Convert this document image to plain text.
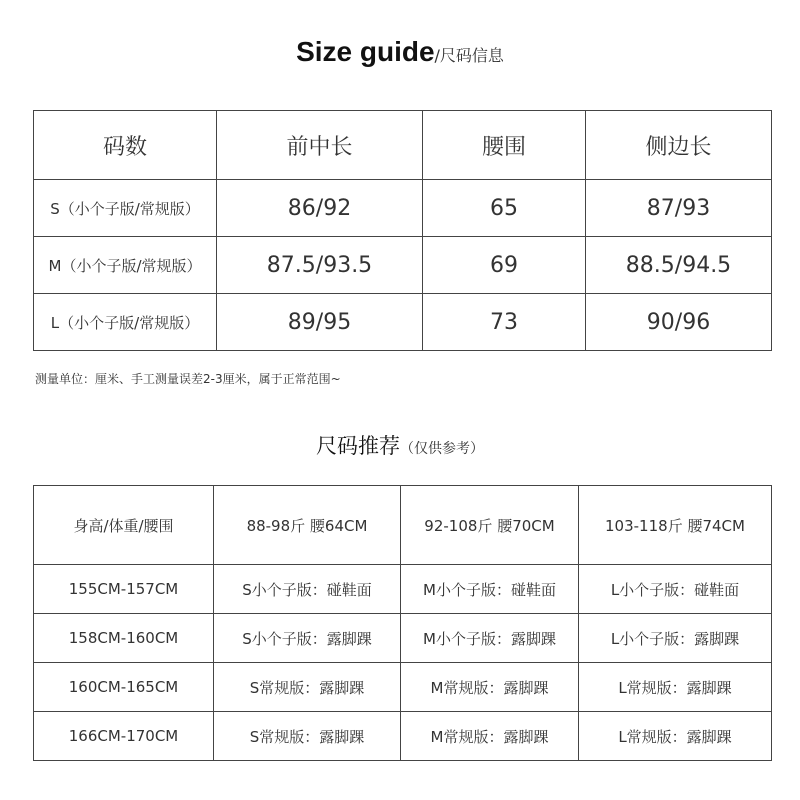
Size guide/尺码信息
码数	前中长	腰围	侧边长
S（小个子版/常规版）	86/92	65	87/93
M（小个子版/常规版）	87.5/93.5	69	88.5/94.5
L（小个子版/常规版）	89/95	73	90/96
测量单位：厘米、手工测量误差2-3厘米，属于正常范围~
尺码推荐（仅供参考）
身高/体重/腰围	88-98斤 腰64CM	92-108斤 腰70CM	103-118斤 腰74CM
155CM-157CM	S小个子版：碰鞋面	M小个子版：碰鞋面	L小个子版：碰鞋面
158CM-160CM	S小个子版：露脚踝	M小个子版：露脚踝	L小个子版：露脚踝
160CM-165CM	S常规版：露脚踝	M常规版：露脚踝	L常规版：露脚踝
166CM-170CM	S常规版：露脚踝	M常规版：露脚踝	L常规版：露脚踝
